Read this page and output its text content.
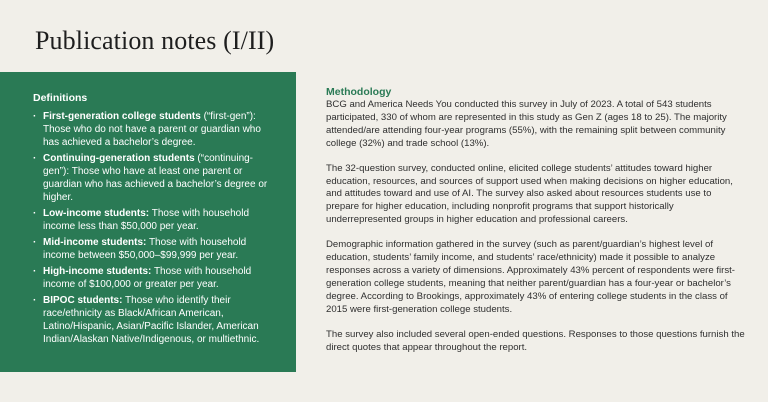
Publication notes (I/II)
Definitions
· First-generation college students (“first-gen”): Those who do not have a parent or guardian who has achieved a bachelor’s degree.
· Continuing-generation students (“continuing-gen”): Those who have at least one parent or guardian who has achieved a bachelor’s degree or higher.
· Low-income students: Those with household income less than $50,000 per year.
· Mid-income students: Those with household income between $50,000–$99,999 per year.
· High-income students: Those with household income of $100,000 or greater per year.
· BIPOC students: Those who identify their race/ethnicity as Black/African American, Latino/Hispanic, Asian/Pacific Islander, American Indian/Alaskan Native/Indigenous, or multiethnic.
Methodology

BCG and America Needs You conducted this survey in July of 2023. A total of 543 students participated, 330 of whom are represented in this study as Gen Z (ages 18 to 25). The majority attended/are attending four-year programs (55%), with the remaining split between community college (32%) and trade school (13%).

The 32-question survey, conducted online, elicited college students’ attitudes toward higher education, resources, and sources of support used when making decisions on higher education, and attitudes toward and use of AI. The survey also asked about resources students use to prepare for higher education, including nonprofit programs that support historically underrepresented groups in higher education and professional careers.

Demographic information gathered in the survey (such as parent/guardian’s highest level of education, students’ family income, and students’ race/ethnicity) made it possible to analyze responses across a variety of dimensions. Approximately 43% percent of respondents were first-generation college students, meaning that neither parent/guardian has a four-year or bachelor’s degree. According to Brookings, approximately 43% of entering college students in the class of 2015 were first-generation college students.

The survey also included several open-ended questions. Responses to those questions furnish the direct quotes that appear throughout the report.
